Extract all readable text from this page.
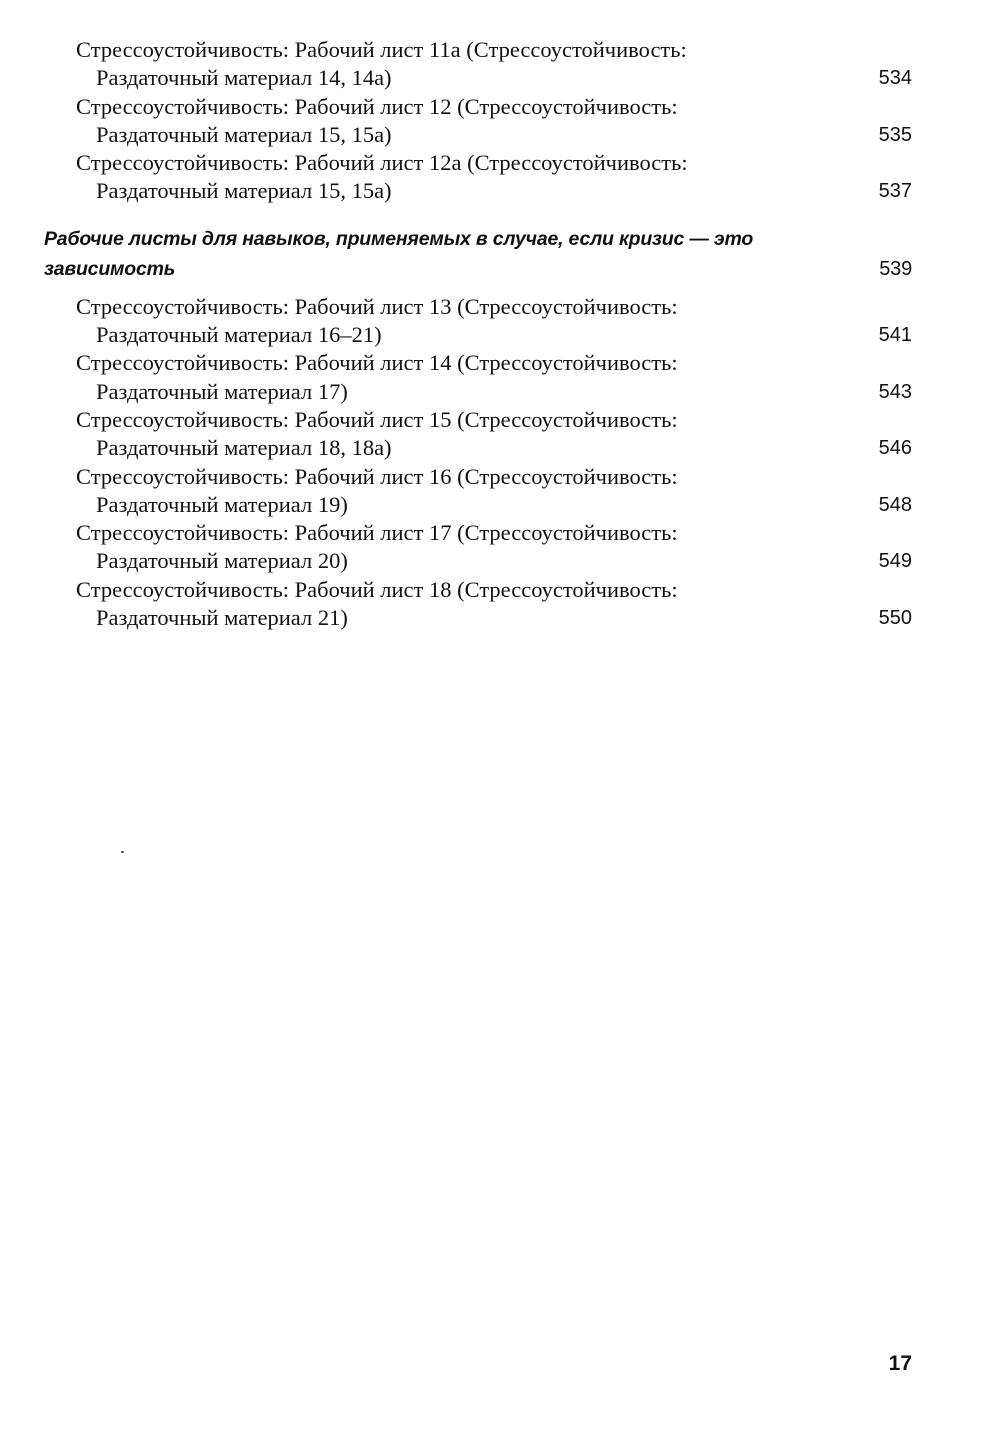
Стрессоустойчивость: Рабочий лист 11а (Стрессоустойчивость:
Раздаточный материал 14, 14а)	534
Стрессоустойчивость: Рабочий лист 12 (Стрессоустойчивость:
Раздаточный материал 15, 15а)	535
Стрессоустойчивость: Рабочий лист 12а (Стрессоустойчивость:
Раздаточный материал 15, 15а)	537
Рабочие листы для навыков, применяемых в случае, если кризис — это
зависимость	539
Стрессоустойчивость: Рабочий лист 13 (Стрессоустойчивость:
Раздаточный материал 16–21)	541
Стрессоустойчивость: Рабочий лист 14 (Стрессоустойчивость:
Раздаточный материал 17)	543
Стрессоустойчивость: Рабочий лист 15 (Стрессоустойчивость:
Раздаточный материал 18, 18а)	546
Стрессоустойчивость: Рабочий лист 16 (Стрессоустойчивость:
Раздаточный материал 19)	548
Стрессоустойчивость: Рабочий лист 17 (Стрессоустойчивость:
Раздаточный материал 20)	549
Стрессоустойчивость: Рабочий лист 18 (Стрессоустойчивость:
Раздаточный материал 21)	550
17
